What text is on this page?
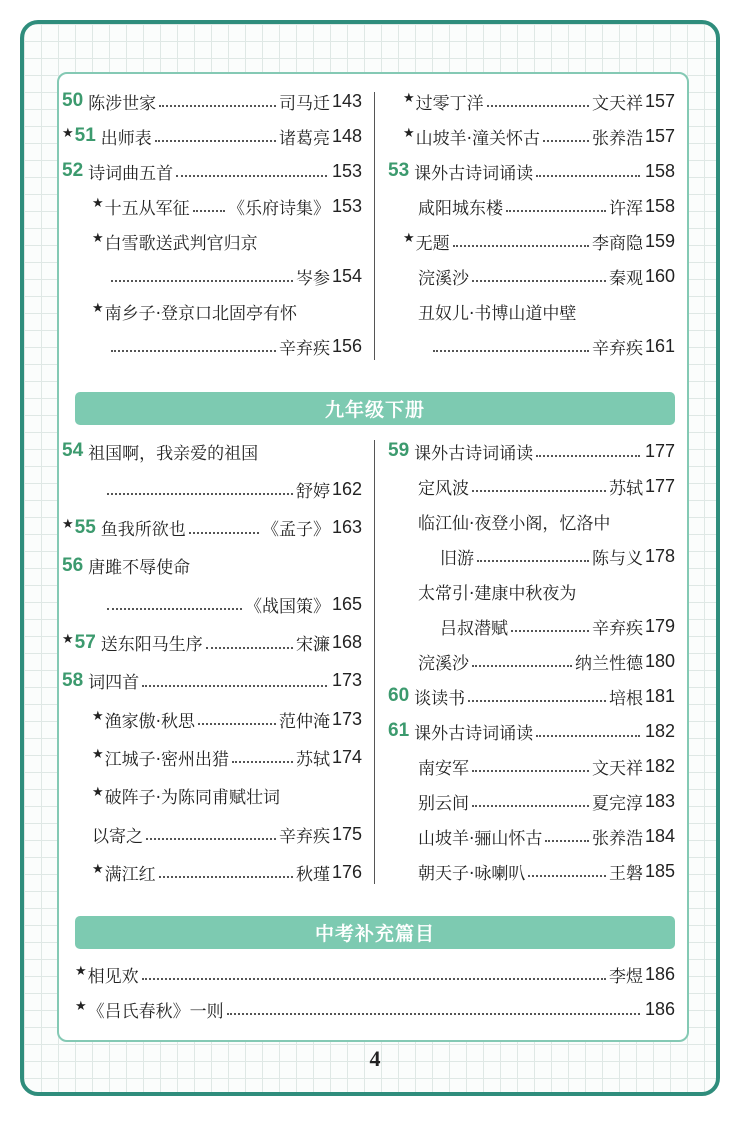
50 陈涉世家	司马迁 143
★ 51 出师表	诸葛亮 148
52 诗词曲五首	153
★ 十五从军征 《乐府诗集》 153
★ 白雪歌送武判官归京
岑参 154
★ 南乡子·登京口北固亭有怀
辛弃疾 156
★ 过零丁洋	文天祥 157
★ 山坡羊·潼关怀古	张养浩 157
53 课外古诗词诵读	158
咸阳城东楼	许浑 158
★ 无题	李商隐 159
浣溪沙	秦观 160
丑奴儿·书博山道中壁
辛弃疾 161
九年级下册
54 祖国啊，我亲爱的祖国
舒婷 162
★ 55 鱼我所欲也	《孟子》 163
56 唐雎不辱使命
《战国策》 165
★ 57 送东阳马生序	宋濂 168
58 词四首	173
★ 渔家傲·秋思	范仲淹 173
★ 江城子·密州出猎	苏轼 174
★ 破阵子·为陈同甫赋壮词
以寄之	辛弃疾 175
★ 满江红	秋瑾 176
59 课外古诗词诵读	177
定风波	苏轼 177
临江仙·夜登小阁，忆洛中
旧游	陈与义 178
太常引·建康中秋夜为
吕叔潜赋	辛弃疾 179
浣溪沙	纳兰性德 180
60 谈读书	培根 181
61 课外古诗词诵读	182
南安军	文天祥 182
别云间	夏完淳 183
山坡羊·骊山怀古	张养浩 184
朝天子·咏喇叭	王磐 185
中考补充篇目
★ 相见欢	李煜 186
★ 《吕氏春秋》一则	186
4
